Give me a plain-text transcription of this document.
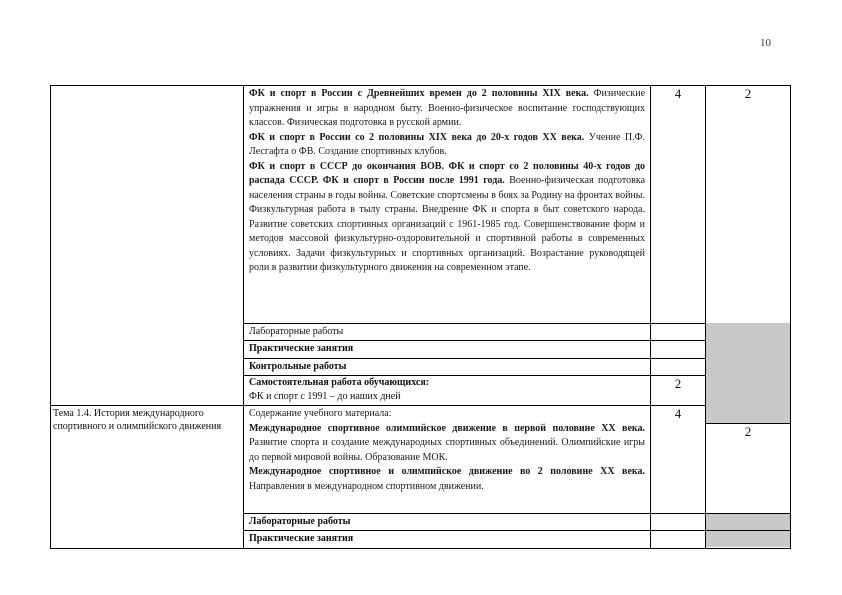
10

ФК и спорт в России с Древнейших времен до 2 половины XIX века. Физические упражнения и игры в народном быту. Военно-физическое воспитание господствующих классов. Физическая подготовка в русской армии.

ФК и спорт в России со 2 половины XIX века до 20-х годов XX века. Учение П.Ф. Лесгафта о ФВ. Создание спортивных клубов.

ФК и спорт в СССР до окончания ВОВ. ФК и спорт со 2 половины 40-х годов до распада СССР. ФК и спорт в России после 1991 года. Военно-физическая подготовка населения страны в годы войны. Советские спортсмены в боях за Родину на фронтах войны. Физкультурная работа в тылу страны. Внедрение ФК и спорта в быт советского народа. Развитие советских спортивных организаций с 1961-1985 год. Совершенствование форм и методов массовой физкультурно-оздоровительной и спортивной работы в современных условиях. Задачи физкультурных и спортивных организаций. Возрастание руководящей роли в развитии физкультурного движения на современном этапе.

4	2
Лабораторные работы
Практические занятия
Контрольные работы
Самостоятельная работа обучающихся:
ФК и спорт с 1991 – до наших дней
2
Тема 1.4. История международного спортивного и олимпийского движения

Содержание учебного материала:

Международное спортивное олимпийское движение в первой половине XX века. Развитие спорта и создание международных спортивных объединений. Олимпийские игры до первой мировой войны. Образование МОК.

Международное спортивное и олимпийское движение во 2 половине XX века. Направления в международном спортивном движении.

4
2
Лабораторные работы
Практические занятия
